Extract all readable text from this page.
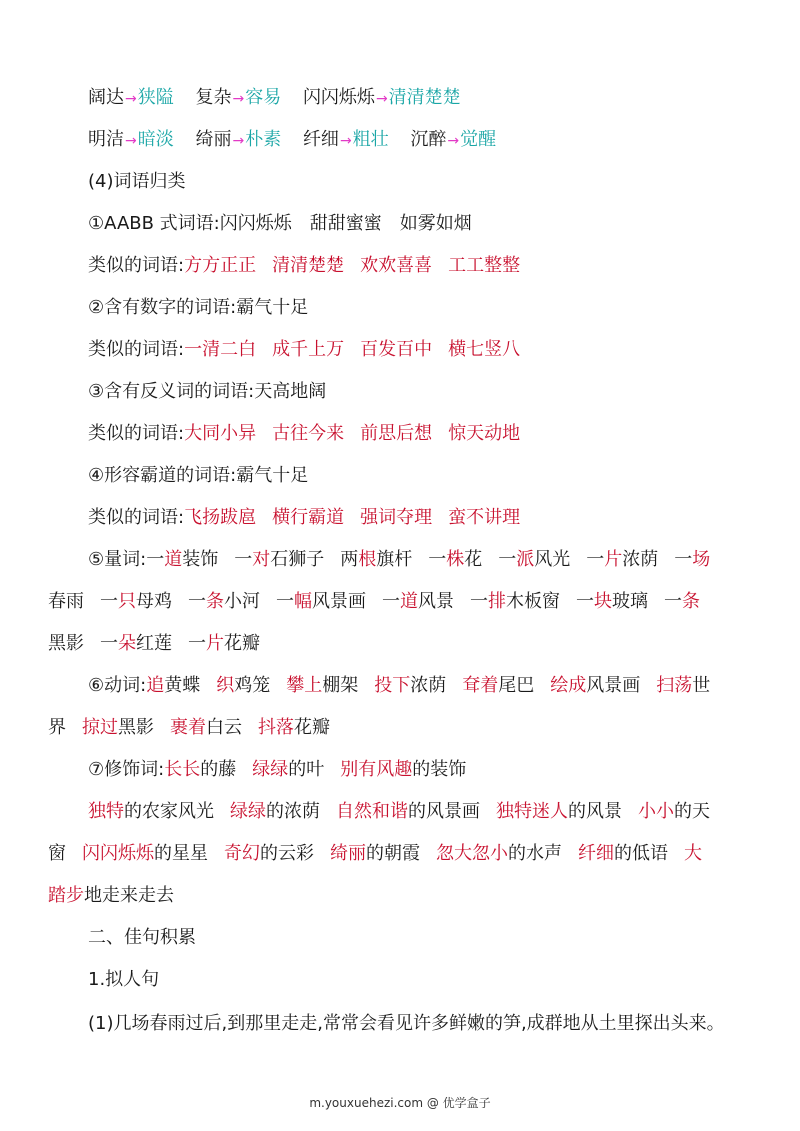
阔达→狭隘 复杂→容易 闪闪烁烁→清清楚楚
明洁→暗淡 绮丽→朴素 纤细→粗壮 沉醉→觉醒
(4)词语归类
①AABB 式词语:闪闪烁烁　甜甜蜜蜜　如雾如烟
类似的词语:方方正正 清清楚楚 欢欢喜喜 工工整整
②含有数字的词语:霸气十足
类似的词语:一清二白 成千上万 百发百中 横七竖八
③含有反义词的词语:天高地阔
类似的词语:大同小异 古往今来 前思后想 惊天动地
④形容霸道的词语:霸气十足
类似的词语:飞扬跋扈 横行霸道 强词夺理 蛮不讲理
⑤量词:一道装饰 一对石狮子 两根旗杆 一株花 一派风光 一片浓荫 一场
春雨 一只母鸡 一条小河 一幅风景画 一道风景 一排木板窗 一块玻璃 一条
黑影 一朵红莲 一片花瓣
⑥动词:追黄蝶 织鸡笼 攀上棚架 投下浓荫 耷着尾巴 绘成风景画 扫荡世
界 掠过黑影 裹着白云 抖落花瓣
⑦修饰词:长长的藤 绿绿的叶 别有风趣的装饰
独特的农家风光 绿绿的浓荫 自然和谐的风景画 独特迷人的风景 小小的天
窗 闪闪烁烁的星星 奇幻的云彩 绮丽的朝霞 忽大忽小的水声 纤细的低语 大
踏步地走来走去
二、佳句积累
1.拟人句
(1)几场春雨过后,到那里走走,常常会看见许多鲜嫩的笋,成群地从土里探出头来。
m.youxuehezi.com @ 优学盒子
